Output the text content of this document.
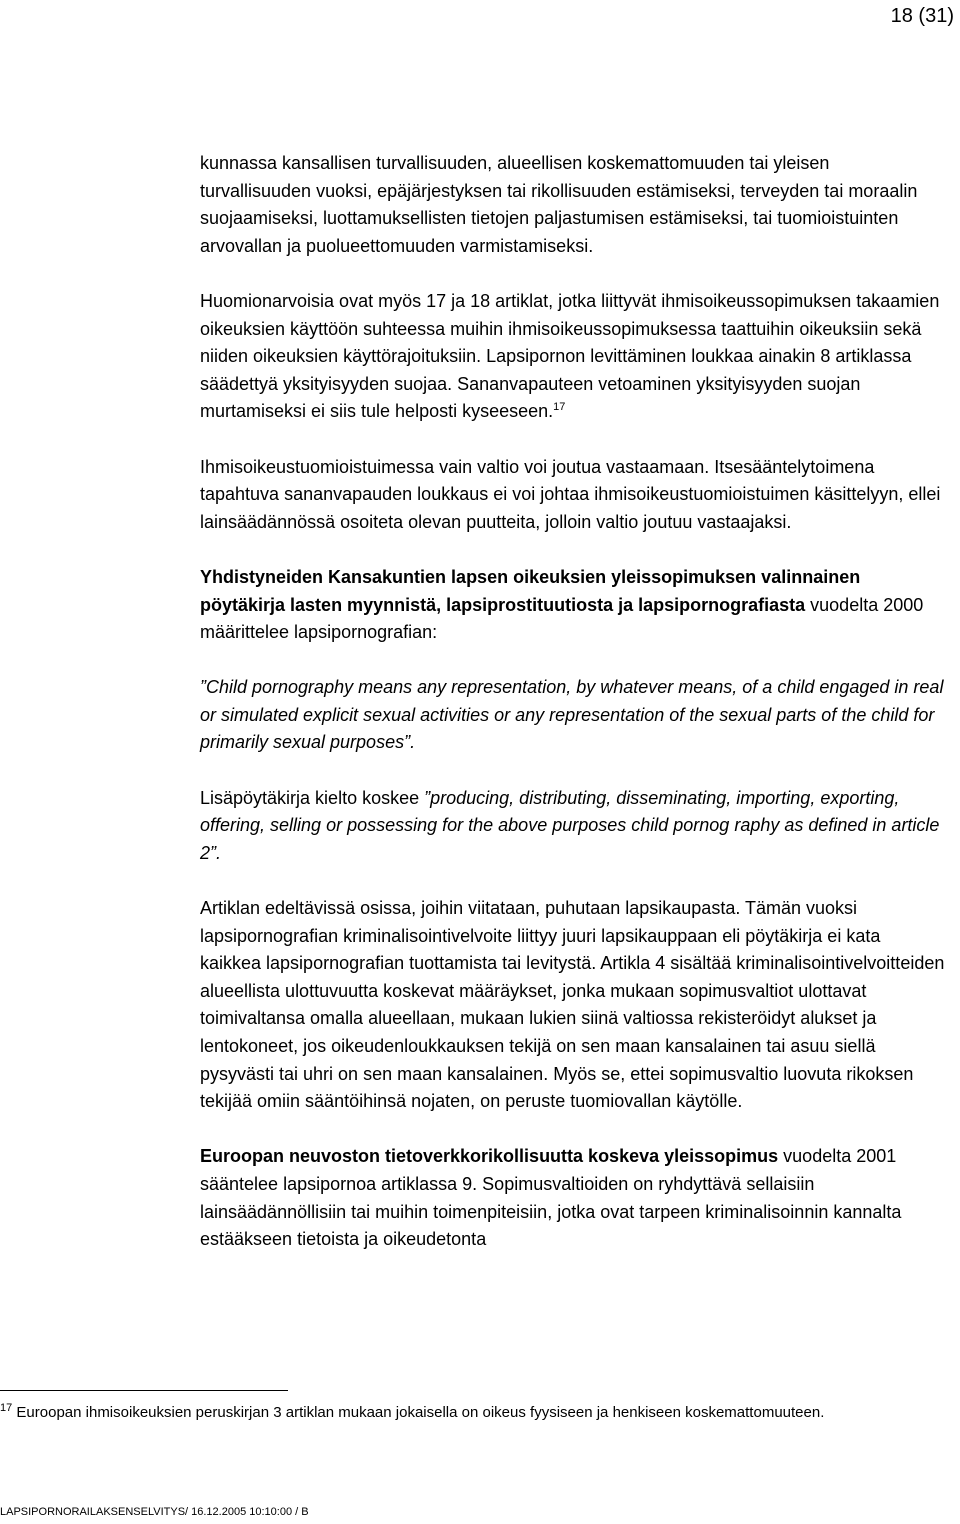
18 (31)

kunnassa kansallisen turvallisuuden, alueellisen koskemattomuuden tai yleisen turvallisuuden vuoksi, epäjärjestyksen tai rikollisuuden estämiseksi, terveyden tai moraalin suojaamiseksi, luottamuksellisten tietojen paljastumisen estämiseksi, tai tuomioistuinten arvovallan ja puolueettomuuden varmistamiseksi.

Huomionarvoisia ovat myös 17 ja 18 artiklat, jotka liittyvät ihmisoikeussopimuksen takaamien oikeuksien käyttöön suhteessa muihin ihmisoikeussopimuksessa taattuihin oikeuksiin sekä niiden oikeuksien käyttörajoituksiin. Lapsipornon levittäminen loukkaa ainakin 8 artiklassa säädettyä yksityisyyden suojaa. Sananvapauteen vetoaminen yksityisyyden suojan murtamiseksi ei siis tule helposti kyseeseen.$^{17}$

Ihmisoikeustuomioistuimessa vain valtio voi joutua vastaamaan. Itsesääntelytoimena tapahtuva sananvapauden loukkaus ei voi johtaa ihmisoikeustuomioistuimen käsittelyyn, ellei lainsäädännössä osoiteta olevan puutteita, jolloin valtio joutuu vastaajaksi.

Yhdistyneiden Kansakuntien lapsen oikeuksien yleissopimuksen valinnainen pöytäkirja lasten myynnistä, lapsiprostituutiosta ja lapsipornografiasta vuodelta 2000 määrittelee lapsipornografian:

”Child pornography means any representation, by whatever means, of a child engaged in real or simulated explicit sexual activities or any representation of the sexual parts of the child for primarily sexual purposes”.

Lisäpöytäkirja kielto koskee ”producing, distributing, disseminating, importing, exporting, offering, selling or possessing for the above purposes child pornog raphy as defined in article 2”.

Artiklan edeltävissä osissa, joihin viitataan, puhutaan lapsikaupasta. Tämän vuoksi lapsipornografian kriminalisointivelvoite liittyy juuri lapsikauppaan eli pöytäkirja ei kata kaikkea lapsipornografian tuottamista tai levitystä. Artikla 4 sisältää kriminalisointivelvoitteiden alueellista ulottuvuutta koskevat määräykset, jonka mukaan sopimusvaltiot ulottavat toimivaltansa omalla alueellaan, mukaan lukien siinä valtiossa rekisteröidyt alukset ja lentokoneet, jos oikeudenloukkauksen tekijä on sen maan kansalainen tai asuu siellä pysyvästi tai uhri on sen maan kansalainen. Myös se, ettei sopimusvaltio luovuta rikoksen tekijää omiin sääntöihinsä nojaten, on peruste tuomiovallan käytölle.

Euroopan neuvoston tietoverkkorikollisuutta koskeva yleissopimus vuodelta 2001 sääntelee lapsipornoa artiklassa 9. Sopimusvaltioiden on ryhdyttävä sellaisiin lainsäädännöllisiin tai muihin toimenpiteisiin, jotka ovat tarpeen kriminalisoinnin kannalta estääkseen tietoista ja oikeudetonta

$^{17}$ Euroopan ihmisoikeuksien peruskirjan 3 artiklan mukaan jokaisella on oikeus fyysiseen ja henkiseen koskemattomuuteen.
LAPSIPORNORAILAKSENSELVITYS/ 16.12.2005 10:10:00 / B
